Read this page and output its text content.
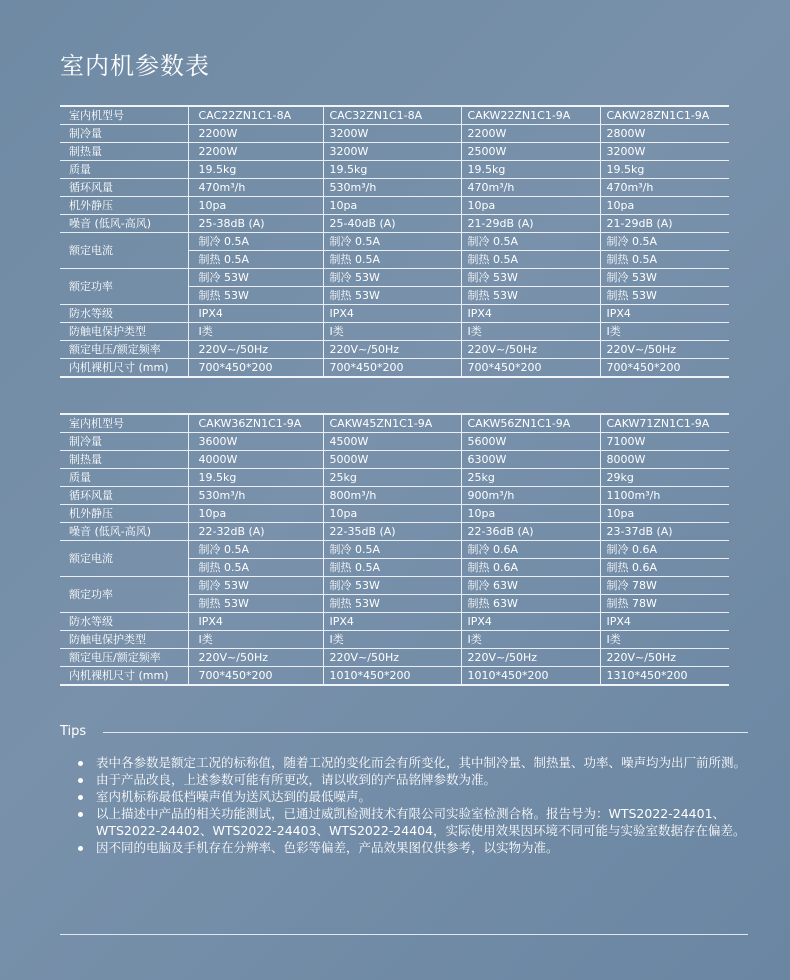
室内机参数表
室内机型号	CAC22ZN1C1-8A	CAC32ZN1C1-8A	CAKW22ZN1C1-9A	CAKW28ZN1C1-9A
制冷量	2200W	3200W	2200W	2800W
制热量	2200W	3200W	2500W	3200W
质量	19.5kg	19.5kg	19.5kg	19.5kg
循环风量	470m³/h	530m³/h	470m³/h	470m³/h
机外静压	10pa	10pa	10pa	10pa
噪音 (低风-高风)	25-38dB (A)	25-40dB (A)	21-29dB (A)	21-29dB (A)
额定电流	制冷 0.5A	制冷 0.5A	制冷 0.5A	制冷 0.5A
	制热 0.5A	制热 0.5A	制热 0.5A	制热 0.5A
额定功率	制冷 53W	制冷 53W	制冷 53W	制冷 53W
	制热 53W	制热 53W	制热 53W	制热 53W
防水等级	IPX4	IPX4	IPX4	IPX4
防触电保护类型	I类	I类	I类	I类
额定电压/额定频率	220V~/50Hz	220V~/50Hz	220V~/50Hz	220V~/50Hz
内机裸机尺寸 (mm)	700*450*200	700*450*200	700*450*200	700*450*200
室内机型号	CAKW36ZN1C1-9A	CAKW45ZN1C1-9A	CAKW56ZN1C1-9A	CAKW71ZN1C1-9A
制冷量	3600W	4500W	5600W	7100W
制热量	4000W	5000W	6300W	8000W
质量	19.5kg	25kg	25kg	29kg
循环风量	530m³/h	800m³/h	900m³/h	1100m³/h
机外静压	10pa	10pa	10pa	10pa
噪音 (低风-高风)	22-32dB (A)	22-35dB (A)	22-36dB (A)	23-37dB (A)
额定电流	制冷 0.5A	制冷 0.5A	制冷 0.6A	制冷 0.6A
	制热 0.5A	制热 0.5A	制热 0.6A	制热 0.6A
额定功率	制冷 53W	制冷 53W	制冷 63W	制冷 78W
	制热 53W	制热 53W	制热 63W	制热 78W
防水等级	IPX4	IPX4	IPX4	IPX4
防触电保护类型	I类	I类	I类	I类
额定电压/额定频率	220V~/50Hz	220V~/50Hz	220V~/50Hz	220V~/50Hz
内机裸机尺寸 (mm)	700*450*200	1010*450*200	1010*450*200	1310*450*200
Tips
表中各参数是额定工况的标称值，随着工况的变化而会有所变化，其中制冷量、制热量、功率、噪声均为出厂前所测。
由于产品改良，上述参数可能有所更改，请以收到的产品铭牌参数为准。
室内机标称最低档噪声值为送风达到的最低噪声。
以上描述中产品的相关功能测试，已通过威凯检测技术有限公司实验室检测合格。报告号为：WTS2022-24401、WTS2022-24402、WTS2022-24403、WTS2022-24404，实际使用效果因环境不同可能与实验室数据存在偏差。
因不同的电脑及手机存在分辨率、色彩等偏差，产品效果图仅供参考，以实物为准。
